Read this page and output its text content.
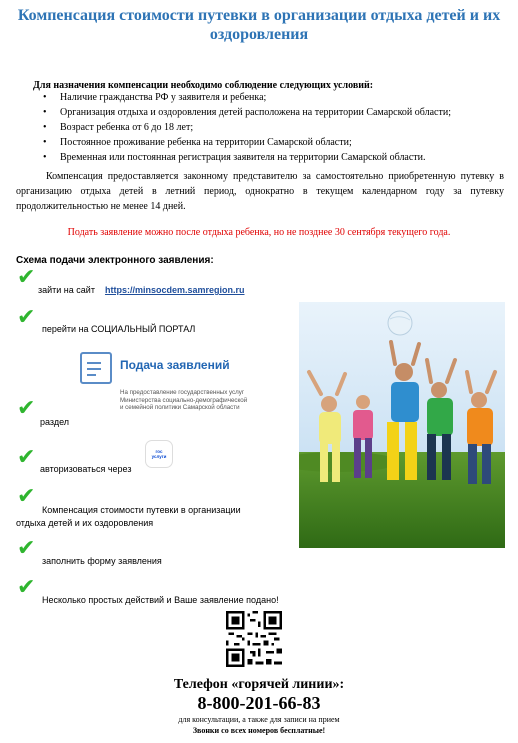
Компенсация стоимости путевки в организации отдыха детей и их оздоровления
Для назначения компенсации необходимо соблюдение следующих условий:
• Наличие гражданства РФ у заявителя и ребенка;
• Организация отдыха и оздоровления детей расположена на территории Самарской области;
• Возраст ребенка от 6 до 18 лет;
• Постоянное проживание ребенка на территории Самарской области;
• Временная или постоянная регистрация заявителя на территории Самарской области.
Компенсация предоставляется законному представителю за самостоятельно приобретенную путевку в организацию отдыха детей в летний период, однократно в текущем календарном году за путевку продолжительностью не менее 14 дней.
Подать заявление можно после отдыха ребенка, но не позднее 30 сентября текущего года.
Схема подачи электронного заявления:
✔ зайти на сайт https://minsocdem.samregion.ru
✔ перейти на СОЦИАЛЬНЫЙ ПОРТАЛ
Подача заявлений
На предоставление государственных услуг
Министерства социально-демографической
и семейной политики Самарской области
✔
раздел
✔ авторизоваться через
гос
услуги
✔
Компенсация стоимости путевки в организации
отдыха детей и их оздоровления
✔ заполнить форму заявления
✔ Несколько простых действий и Ваше заявление подано!
Телефон «горячей линии»:
8-800-201-66-83
для консультации, а также для записи на прием
Звонки со всех номеров бесплатные!
